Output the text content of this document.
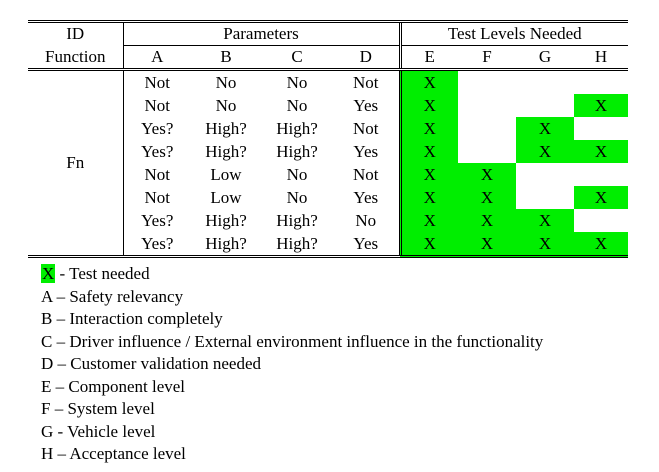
ID	Parameters				Test Levels Needed			
Function	A	B	C	D	E	F	G	H
Fn	Not	No	No	Not	X			
	Not	No	No	Yes	X			X
	Yes?	High?	High?	Not	X		X	
	Yes?	High?	High?	Yes	X		X	X
	Not	Low	No	Not	X	X		
	Not	Low	No	Yes	X	X		X
	Yes?	High?	High?	No	X	X	X	
	Yes?	High?	High?	Yes	X	X	X	X
X - Test needed
A – Safety relevancy
B – Interaction completely
C – Driver influence / External environment influence in the functionality
D – Customer validation needed
E – Component level
F – System level
G - Vehicle level
H – Acceptance level
